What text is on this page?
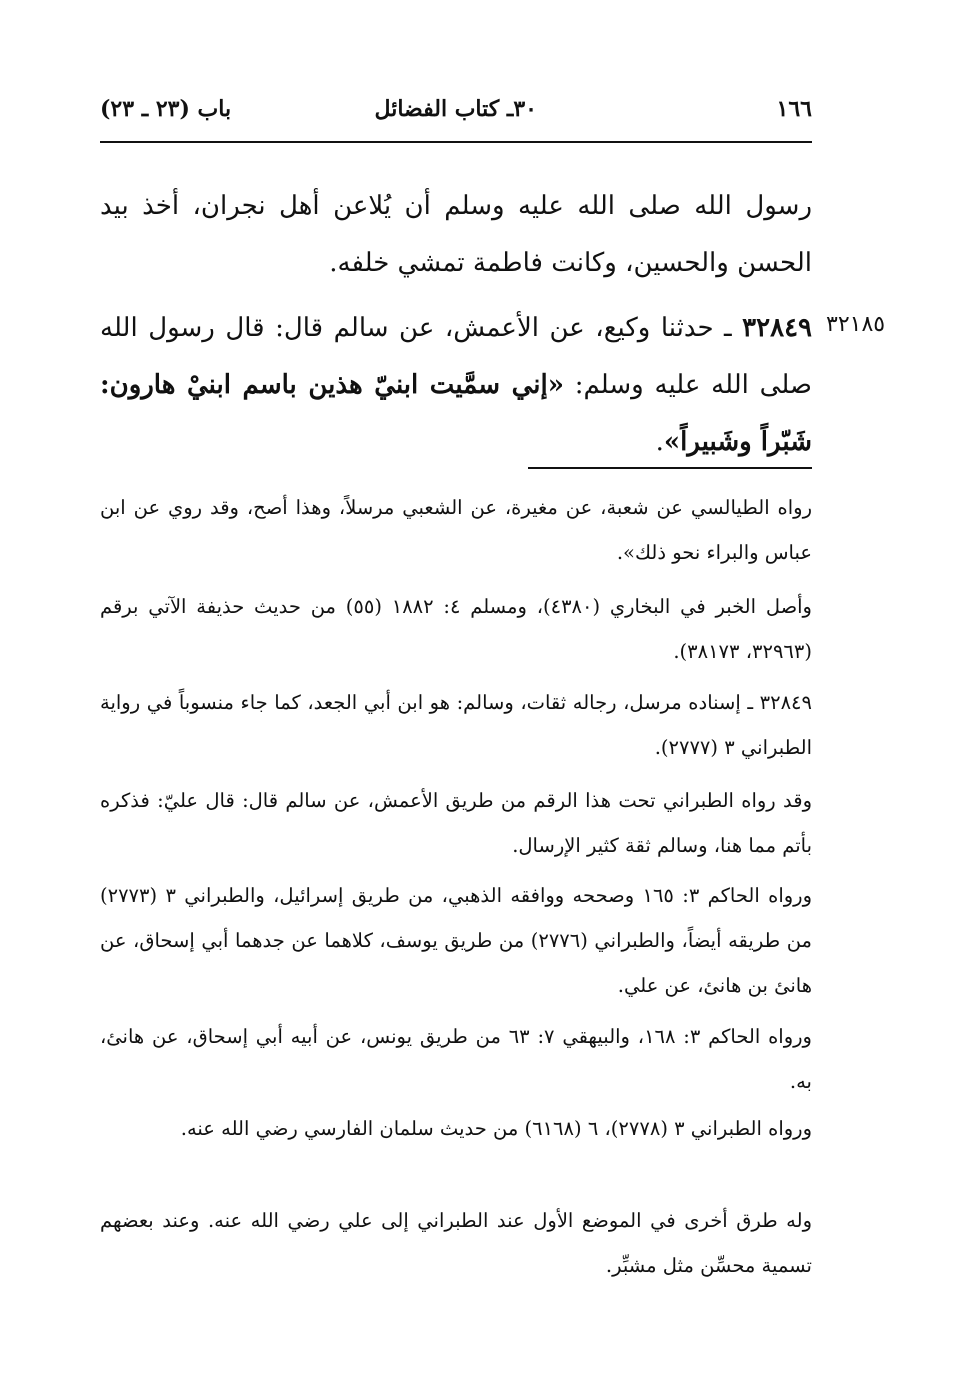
١٦٦
٣٠ـ كتاب الفضائل
باب (٢٣ ـ ٢٣)

رسول الله صلى الله عليه وسلم أن يُلاعن أهل نجران، أخذ بيد الحسن والحسين، وكانت فاطمة تمشي خلفه.

٣٢١٨٥

٣٢٨٤٩ ـ حدثنا وكيع، عن الأعمش، عن سالم قال: قال رسول الله صلى الله عليه وسلم: «إني سمَّيت ابنيّ هذين باسم ابنيْ هارون: شَبّراً وشَبيراً».

رواه الطيالسي عن شعبة، عن مغيرة، عن الشعبي مرسلاً، وهذا أصح، وقد روي عن ابن عباس والبراء نحو ذلك».

وأصل الخبر في البخاري (٤٣٨٠)، ومسلم ٤: ١٨٨٢ (٥٥) من حديث حذيفة الآتي برقم (٣٢٩٦٣، ٣٨١٧٣).

٣٢٨٤٩ ـ إسناده مرسل، رجاله ثقات، وسالم: هو ابن أبي الجعد، كما جاء منسوباً في رواية الطبراني ٣ (٢٧٧٧).

وقد رواه الطبراني تحت هذا الرقم من طريق الأعمش، عن سالم قال: قال عليّ: فذكره بأتم مما هنا، وسالم ثقة كثير الإرسال.

ورواه الحاكم ٣: ١٦٥ وصححه ووافقه الذهبي، من طريق إسرائيل، والطبراني ٣ (٢٧٧٣) من طريقه أيضاً، والطبراني (٢٧٧٦) من طريق يوسف، كلاهما عن جدهما أبي إسحاق، عن هانئ بن هانئ، عن علي.

ورواه الحاكم ٣: ١٦٨، والبيهقي ٧: ٦٣ من طريق يونس، عن أبيه أبي إسحاق، عن هانئ، به.

ورواه الطبراني ٣ (٢٧٧٨)، ٦ (٦١٦٨) من حديث سلمان الفارسي رضي الله عنه.

وله طرق أخرى في الموضع الأول عند الطبراني إلى علي رضي الله عنه. وعند بعضهم تسمية محسِّن مثل مشبِّر.
